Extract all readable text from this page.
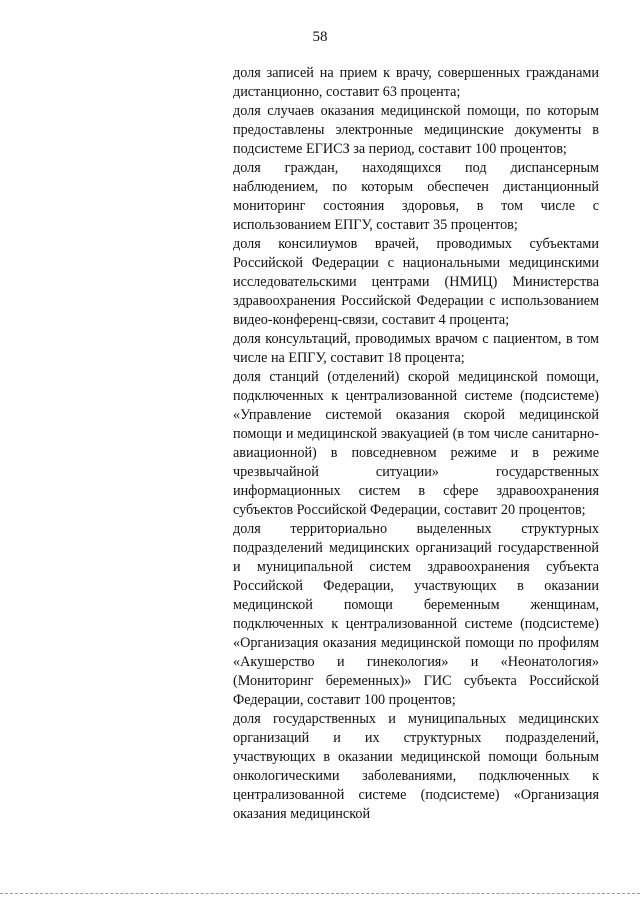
58

доля записей на прием к врачу, совершенных гражданами дистанционно, составит 63 процента;

доля случаев оказания медицинской помощи, по которым предоставлены электронные медицинские документы в подсистеме ЕГИСЗ за период, составит 100 процентов;

доля граждан, находящихся под диспансерным наблюдением, по которым обеспечен дистанционный мониторинг состояния здоровья, в том числе с использованием ЕПГУ, составит 35 процентов;

доля консилиумов врачей, проводимых субъектами Российской Федерации с национальными медицинскими исследовательскими центрами (НМИЦ) Министерства здравоохранения Российской Федерации с использованием видео-конференц-связи, составит 4 процента;

доля консультаций, проводимых врачом с пациентом, в том числе на ЕПГУ, составит 18 процента;

доля станций (отделений) скорой медицинской помощи, подключенных к централизованной системе (подсистеме) «Управление системой оказания скорой медицинской помощи и медицинской эвакуацией (в том числе санитарно-авиационной) в повседневном режиме и в режиме чрезвычайной ситуации» государственных информационных систем в сфере здравоохранения субъектов Российской Федерации, составит 20 процентов;

доля территориально выделенных структурных подразделений медицинских организаций государственной и муниципальной систем здравоохранения субъекта Российской Федерации, участвующих в оказании медицинской помощи беременным женщинам, подключенных к централизованной системе (подсистеме) «Организация оказания медицинской помощи по профилям «Акушерство и гинекология» и «Неонатология» (Мониторинг беременных)» ГИС субъекта Российской Федерации, составит 100 процентов;

доля государственных и муниципальных медицинских организаций и их структурных подразделений, участвующих в оказании медицинской помощи больным онкологическими заболеваниями, подключенных к централизованной системе (подсистеме) «Организация оказания медицинской
